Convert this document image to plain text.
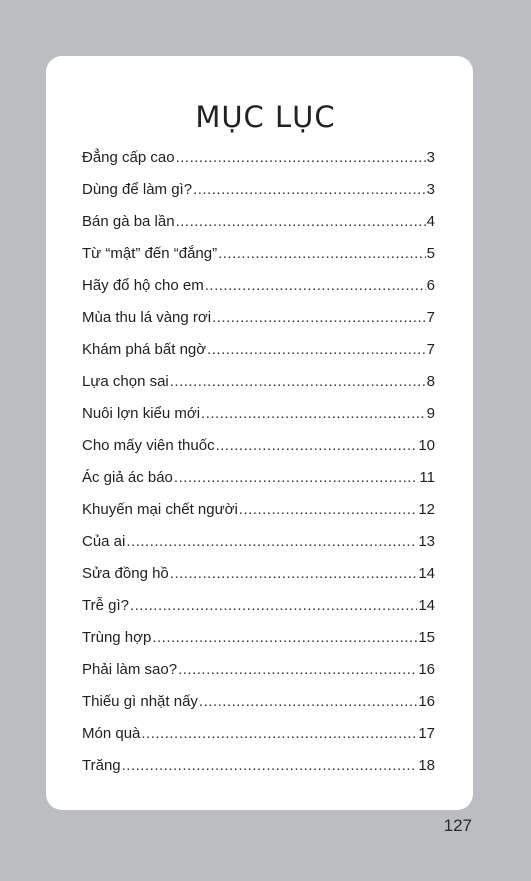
MỤC LỤC
Đẳng cấp cao .....	3
Dùng để làm gì? .....	3
Bán gà ba lần .....	4
Từ “mật” đến “đắng” .....	5
Hãy đổ hộ cho em .....	6
Mùa thu lá vàng rơi .....	7
Khám phá bất ngờ .....	7
Lựa chọn sai .....	8
Nuôi lợn kiểu mới .....	9
Cho mấy viên thuốc .....	10
Ác giả ác báo .....	11
Khuyến mại chết người .....	12
Của ai .....	13
Sửa đồng hồ .....	14
Trễ gì? .....	14
Trùng hợp .....	15
Phải làm sao? .....	16
Thiếu gì nhặt nấy .....	16
Món quà .....	17
Trăng .....	18
127
